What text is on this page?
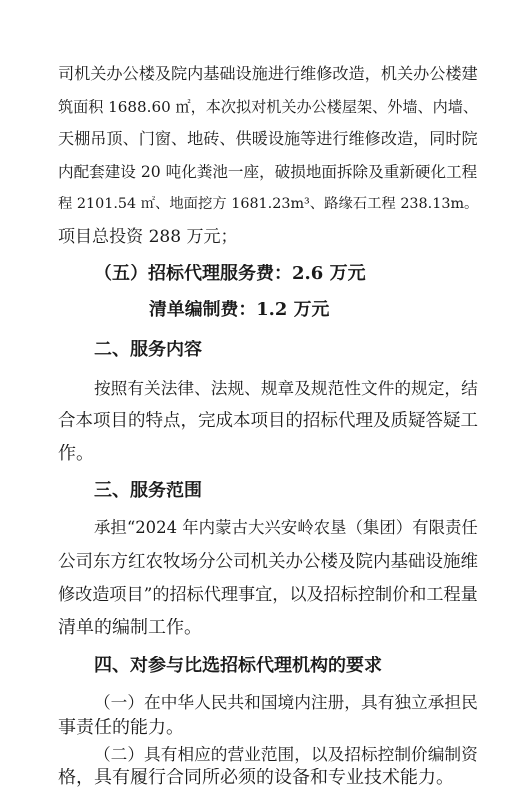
司机关办公楼及院内基础设施进行维修改造，机关办公楼建

筑面积 1688.60 ㎡，本次拟对机关办公楼屋架、外墙、内墙、

天棚吊顶、门窗、地砖、供暖设施等进行维修改造，同时院

内配套建设 20 吨化粪池一座，破损地面拆除及重新硬化工程

程 2101.54 ㎡、地面挖方 1681.23m³、路缘石工程 238.13m。

项目总投资 288 万元；

（五）招标代理服务费：2.6 万元

清单编制费：1.2 万元

二、服务内容

按照有关法律、法规、规章及规范性文件的规定，结

合本项目的特点，完成本项目的招标代理及质疑答疑工

作。

三、服务范围

承担“2024 年内蒙古大兴安岭农垦（集团）有限责任

公司东方红农牧场分公司机关办公楼及院内基础设施维

修改造项目”的招标代理事宜，以及招标控制价和工程量

清单的编制工作。

四、对参与比选招标代理机构的要求

（一）在中华人民共和国境内注册，具有独立承担民

事责任的能力。

（二）具有相应的营业范围，以及招标控制价编制资

格，具有履行合同所必须的设备和专业技术能力。
